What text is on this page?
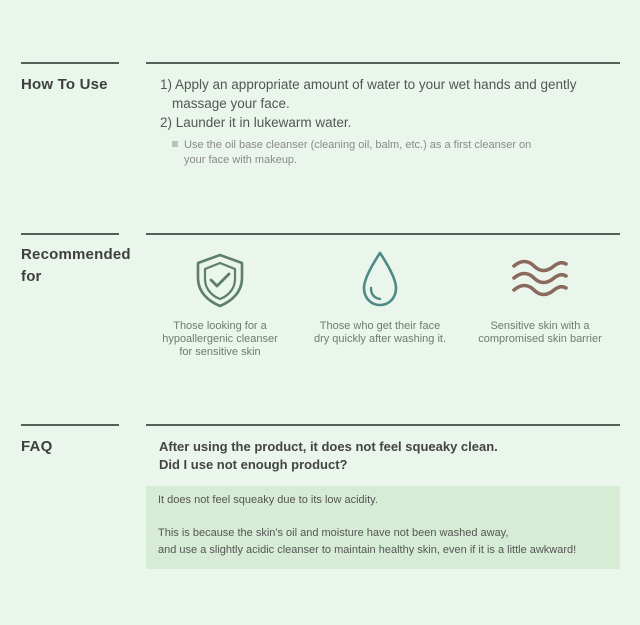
How To Use	1) Apply an appropriate amount of water to your wet hands and gently
massage your face.
2) Launder it in lukewarm water.
Use the oil base cleanser (cleaning oil, balm, etc.) as a first cleanser on
your face with makeup.
Recommended
for
Those looking for a
hypoallergenic cleanser
for sensitive skin
Those who get their face
dry quickly after washing it.
Sensitive skin with a
compromised skin barrier
FAQ	After using the product, it does not feel squeaky clean.
Did I use not enough product?

It does not feel squeaky due to its low acidity.

This is because the skin's oil and moisture have not been washed away,

and use a slightly acidic cleanser to maintain healthy skin, even if it is a little awkward!
